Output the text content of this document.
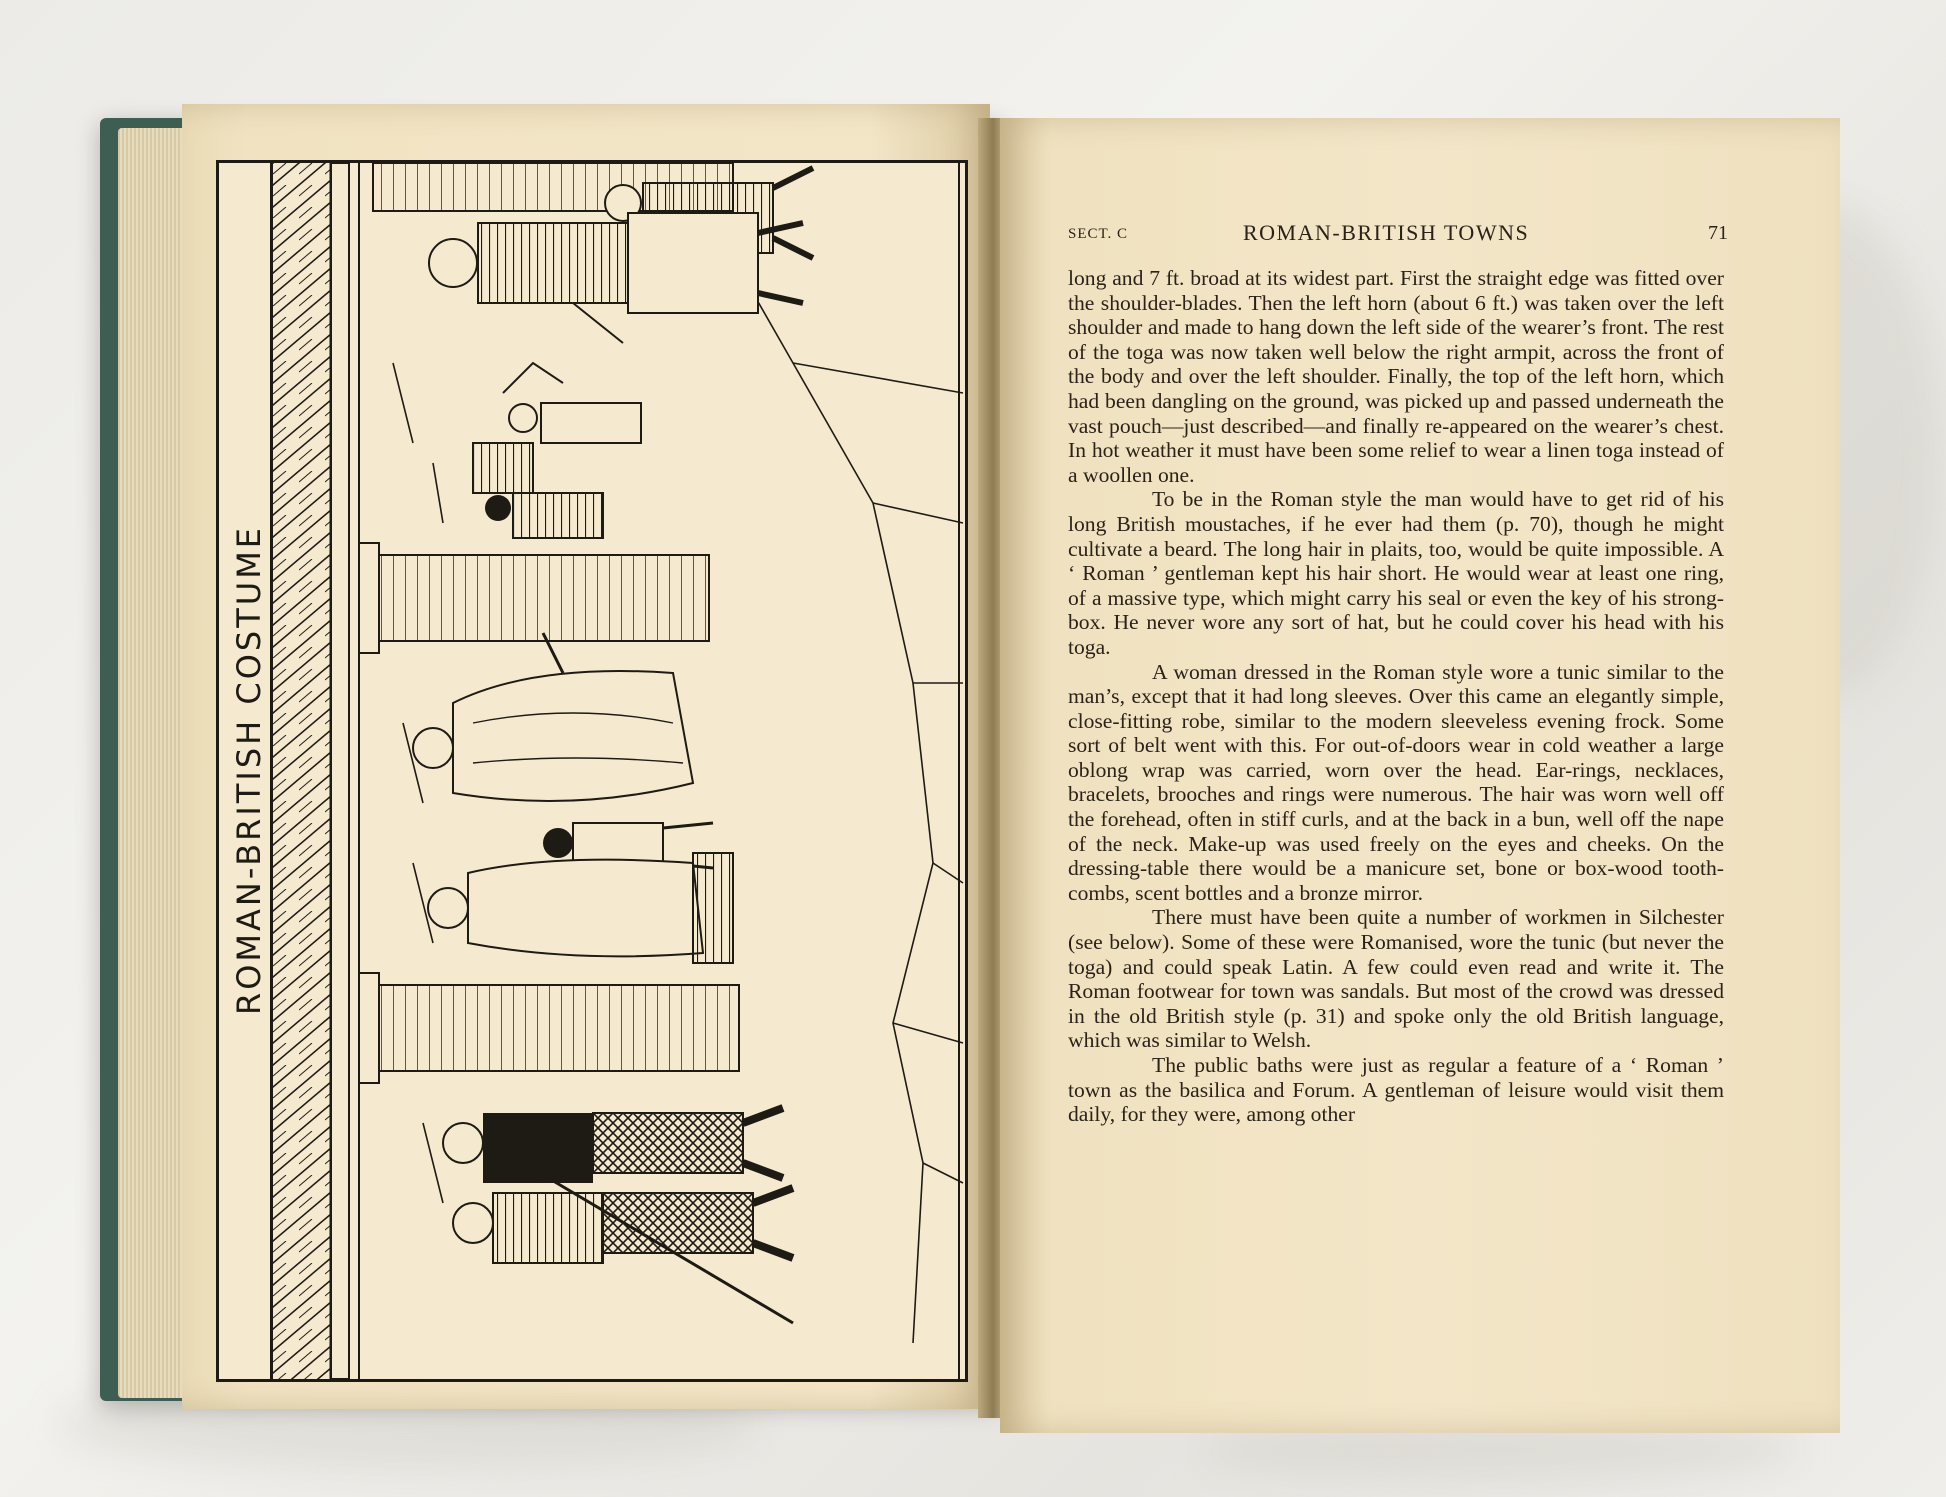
ROMAN-BRITISH COSTUME
SECT. C	ROMAN-BRITISH TOWNS	71

long and 7 ft. broad at its widest part. First the straight edge was fitted over the shoulder-blades. Then the left horn (about 6 ft.) was taken over the left shoulder and made to hang down the left side of the wearer’s front. The rest of the toga was now taken well below the right armpit, across the front of the body and over the left shoulder. Finally, the top of the left horn, which had been dangling on the ground, was picked up and passed underneath the vast pouch—just described—and finally re-appeared on the wearer’s chest. In hot weather it must have been some relief to wear a linen toga instead of a woollen one.

To be in the Roman style the man would have to get rid of his long British moustaches, if he ever had them (p. 70), though he might cultivate a beard. The long hair in plaits, too, would be quite impossible. A ‘ Roman ’ gentleman kept his hair short. He would wear at least one ring, of a massive type, which might carry his seal or even the key of his strong-box. He never wore any sort of hat, but he could cover his head with his toga.

A woman dressed in the Roman style wore a tunic similar to the man’s, except that it had long sleeves. Over this came an elegantly simple, close-fitting robe, similar to the modern sleeveless evening frock. Some sort of belt went with this. For out-of-doors wear in cold weather a large oblong wrap was carried, worn over the head. Ear-rings, necklaces, bracelets, brooches and rings were numerous. The hair was worn well off the forehead, often in stiff curls, and at the back in a bun, well off the nape of the neck. Make-up was used freely on the eyes and cheeks. On the dressing-table there would be a manicure set, bone or box-wood tooth-combs, scent bottles and a bronze mirror.

There must have been quite a number of workmen in Silchester (see below). Some of these were Romanised, wore the tunic (but never the toga) and could speak Latin. A few could even read and write it. The Roman footwear for town was sandals. But most of the crowd was dressed in the old British style (p. 31) and spoke only the old British language, which was similar to Welsh.

The public baths were just as regular a feature of a ‘ Roman ’ town as the basilica and Forum. A gentleman of leisure would visit them daily, for they were, among other
